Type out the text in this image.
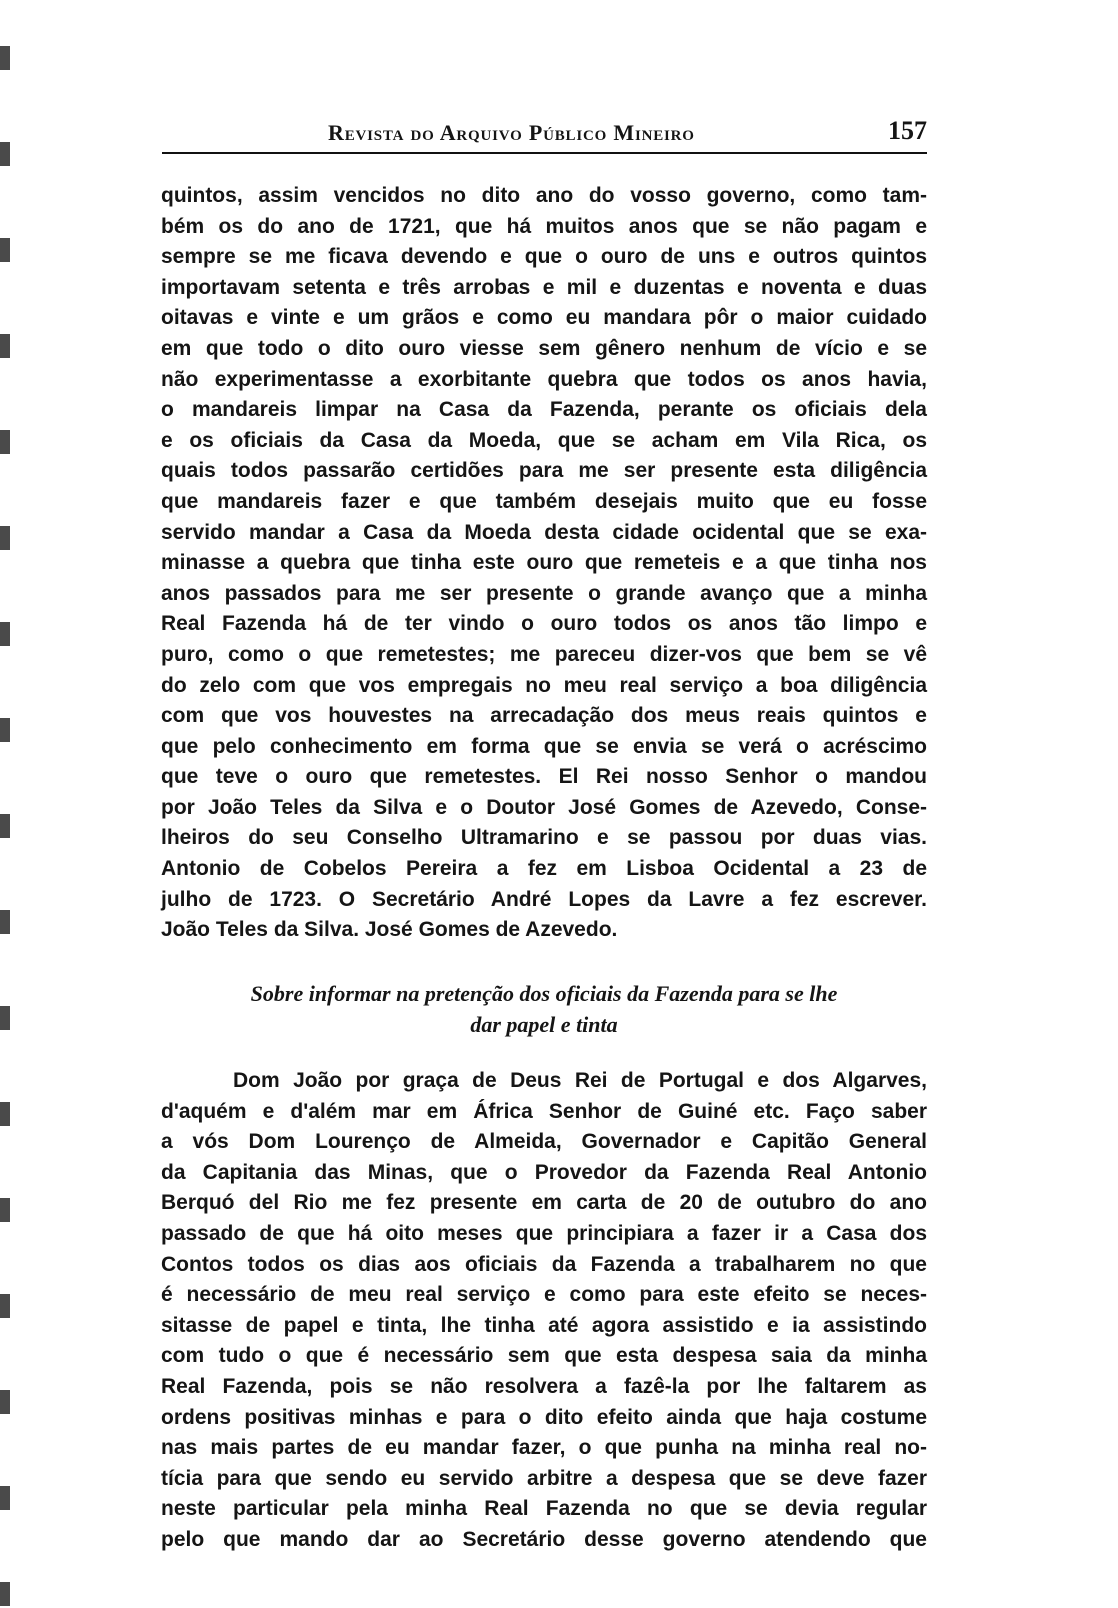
Revista do Arquivo Público Mineiro	157
quintos, assim vencidos no dito ano do vosso governo, como tam-
bém os do ano de 1721, que há muitos anos que se não pagam e
sempre se me ficava devendo e que o ouro de uns e outros quintos
importavam setenta e três arrobas e mil e duzentas e noventa e duas
oitavas e vinte e um grãos e como eu mandara pôr o maior cuidado
em que todo o dito ouro viesse sem gênero nenhum de vício e se
não experimentasse a exorbitante quebra que todos os anos havia,
o mandareis limpar na Casa da Fazenda, perante os oficiais dela
e os oficiais da Casa da Moeda, que se acham em Vila Rica, os
quais todos passarão certidões para me ser presente esta diligência
que mandareis fazer e que também desejais muito que eu fosse
servido mandar a Casa da Moeda desta cidade ocidental que se exa-
minasse a quebra que tinha este ouro que remeteis e a que tinha nos
anos passados para me ser presente o grande avanço que a minha
Real Fazenda há de ter vindo o ouro todos os anos tão limpo e
puro, como o que remetestes; me pareceu dizer-vos que bem se vê
do zelo com que vos empregais no meu real serviço a boa diligência
com que vos houvestes na arrecadação dos meus reais quintos e
que pelo conhecimento em forma que se envia se verá o acréscimo
que teve o ouro que remetestes. El Rei nosso Senhor o mandou
por João Teles da Silva e o Doutor José Gomes de Azevedo, Conse-
lheiros do seu Conselho Ultramarino e se passou por duas vias.
Antonio de Cobelos Pereira a fez em Lisboa Ocidental a 23 de
julho de 1723. O Secretário André Lopes da Lavre a fez escrever.
João Teles da Silva. José Gomes de Azevedo.
Sobre informar na pretenção dos oficiais da Fazenda para se lhe
dar papel e tinta
Dom João por graça de Deus Rei de Portugal e dos Algarves,
d'aquém e d'além mar em África Senhor de Guiné etc. Faço saber
a vós Dom Lourenço de Almeida, Governador e Capitão General
da Capitania das Minas, que o Provedor da Fazenda Real Antonio
Berquó del Rio me fez presente em carta de 20 de outubro do ano
passado de que há oito meses que principiara a fazer ir a Casa dos
Contos todos os dias aos oficiais da Fazenda a trabalharem no que
é necessário de meu real serviço e como para este efeito se neces-
sitasse de papel e tinta, lhe tinha até agora assistido e ia assistindo
com tudo o que é necessário sem que esta despesa saia da minha
Real Fazenda, pois se não resolvera a fazê-la por lhe faltarem as
ordens positivas minhas e para o dito efeito ainda que haja costume
nas mais partes de eu mandar fazer, o que punha na minha real no-
tícia para que sendo eu servido arbitre a despesa que se deve fazer
neste particular pela minha Real Fazenda no que se devia regular
pelo que mando dar ao Secretário desse governo atendendo que
